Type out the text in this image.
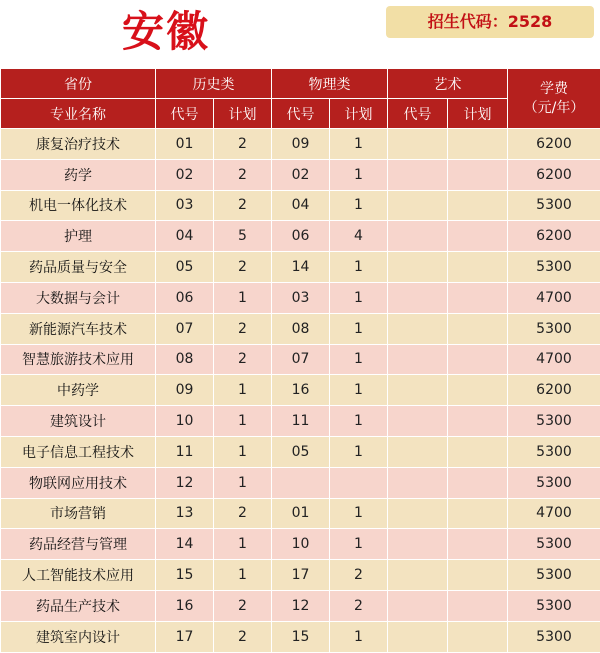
安徽	招生代码：2528
省份	历史类		物理类		艺术		学费
（元/年）

专业名称	代号	计划	代号	计划	代号	计划	
康复治疗技术	01	2	09	1			6200
药学	02	2	02	1			6200
机电一体化技术	03	2	04	1			5300
护理	04	5	06	4			6200
药品质量与安全	05	2	14	1			5300
大数据与会计	06	1	03	1			4700
新能源汽车技术	07	2	08	1			5300
智慧旅游技术应用	08	2	07	1			4700
中药学	09	1	16	1			6200
建筑设计	10	1	11	1			5300
电子信息工程技术	11	1	05	1			5300
物联网应用技术	12	1					5300
市场营销	13	2	01	1			4700
药品经营与管理	14	1	10	1			5300
人工智能技术应用	15	1	17	2			5300
药品生产技术	16	2	12	2			5300
建筑室内设计	17	2	15	1			5300
